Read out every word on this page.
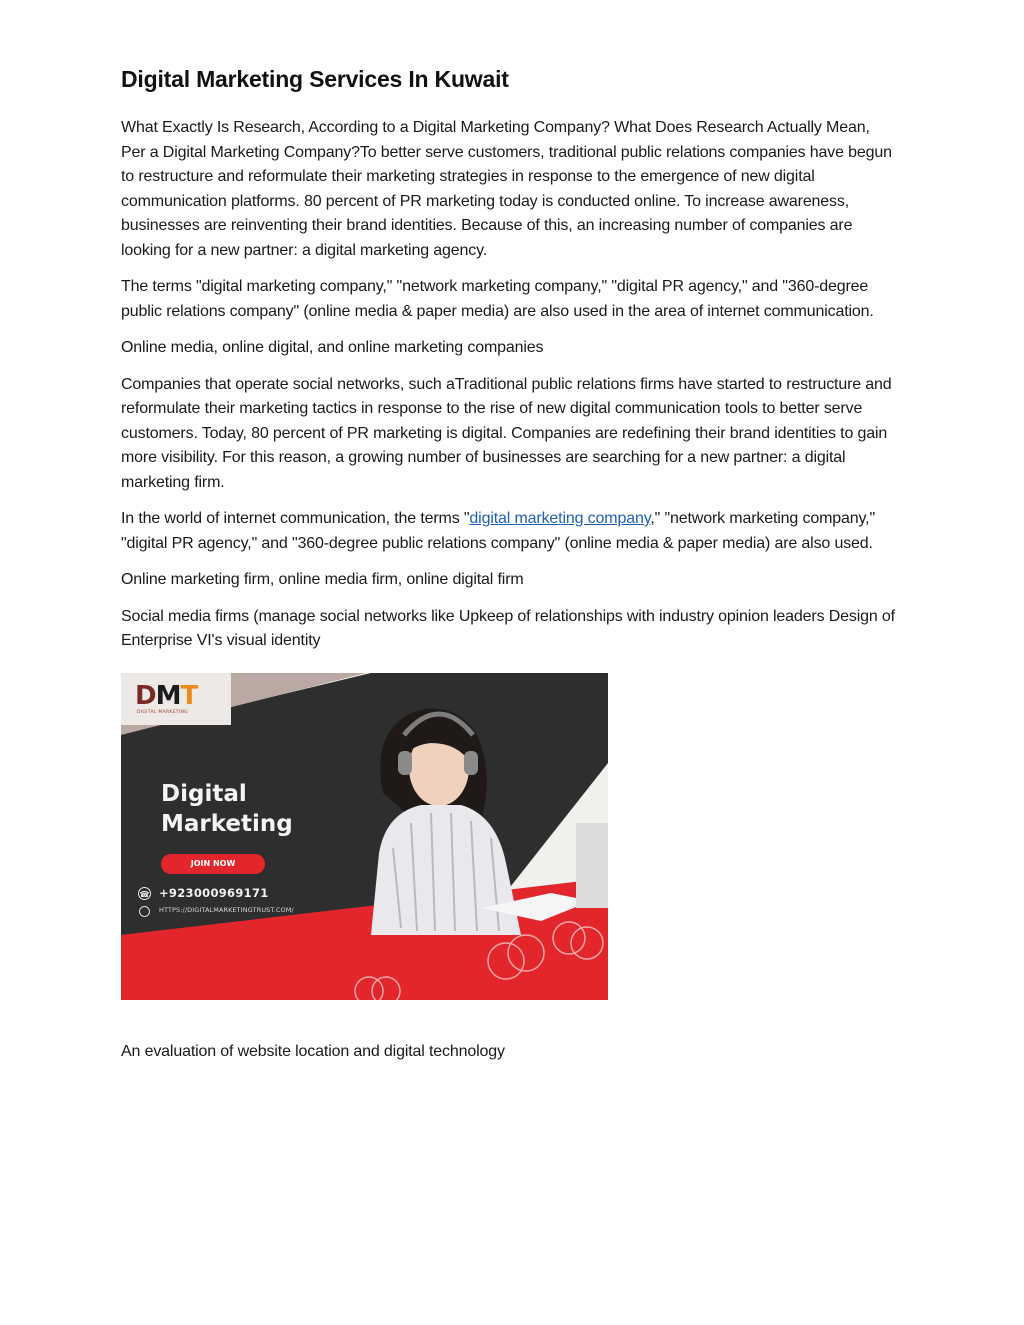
Digital Marketing Services In Kuwait

What Exactly Is Research, According to a Digital Marketing Company? What Does Research Actually Mean, Per a Digital Marketing Company?To better serve customers, traditional public relations companies have begun to restructure and reformulate their marketing strategies in response to the emergence of new digital communication platforms. 80 percent of PR marketing today is conducted online. To increase awareness, businesses are reinventing their brand identities. Because of this, an increasing number of companies are looking for a new partner: a digital marketing agency.

The terms "digital marketing company," "network marketing company," "digital PR agency," and "360-degree public relations company" (online media & paper media) are also used in the area of internet communication.

Online media, online digital, and online marketing companies

Companies that operate social networks, such aTraditional public relations firms have started to restructure and reformulate their marketing tactics in response to the rise of new digital communication tools to better serve customers. Today, 80 percent of PR marketing is digital. Companies are redefining their brand identities to gain more visibility. For this reason, a growing number of businesses are searching for a new partner: a digital marketing firm.

In the world of internet communication, the terms "digital marketing company," "network marketing company," "digital PR agency," and "360-degree public relations company" (online media & paper media) are also used.

Online marketing firm, online media firm, online digital firm

Social media firms (manage social networks like Upkeep of relationships with industry opinion leaders Design of Enterprise VI's visual identity

DMT
DIGITAL MARKETING
Digital
Marketing
JOIN NOW
☎ +923000969171
HTTPS://DIGITALMARKETINGTRUST.COM/

An evaluation of website location and digital technology
